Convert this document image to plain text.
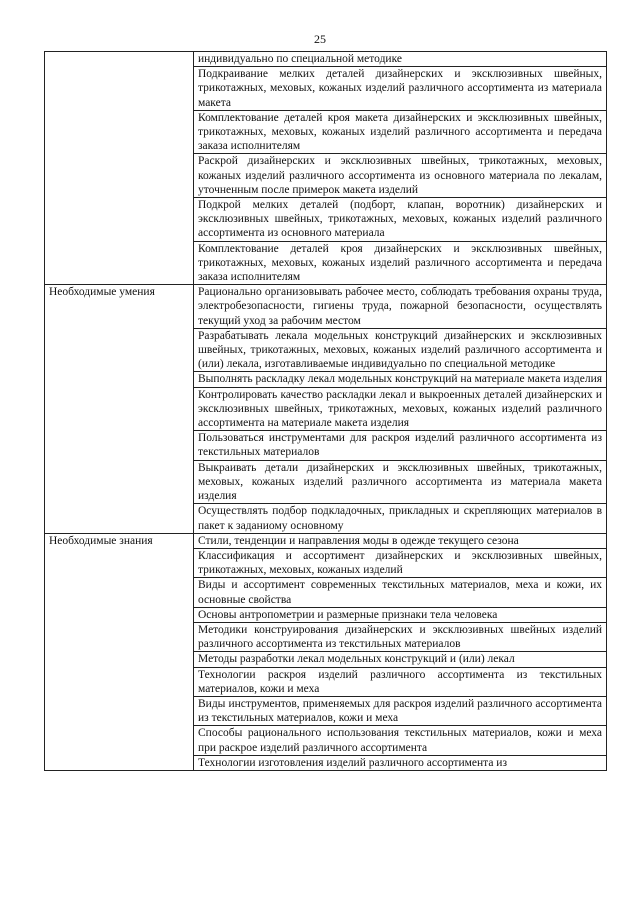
25

	индивидуально по специальной методике

	Подкраивание мелких деталей дизайнерских и эксклюзивных швейных, трикотажных, меховых, кожаных изделий различного ассортимента из материала макета

	Комплектование деталей кроя макета дизайнерских и эксклюзивных швейных, трикотажных, меховых, кожаных изделий различного ассортимента и передача заказа исполнителям

	Раскрой дизайнерских и эксклюзивных швейных, трикотажных, меховых, кожаных изделий различного ассортимента из основного материала по лекалам, уточненным после примерок макета изделий

	Подкрой мелких деталей (подборт, клапан, воротник) дизайнерских и эксклюзивных швейных, трикотажных, меховых, кожаных изделий различного ассортимента из основного материала

	Комплектование деталей кроя дизайнерских и эксклюзивных швейных, трикотажных, меховых, кожаных изделий различного ассортимента и передача заказа исполнителям

Необходимые умения	Рационально организовывать рабочее место, соблюдать требования охраны труда, электробезопасности, гигиены труда, пожарной безопасности, осуществлять текущий уход за рабочим местом

	Разрабатывать лекала модельных конструкций дизайнерских и эксклюзивных швейных, трикотажных, меховых, кожаных изделий различного ассортимента и (или) лекала, изготавливаемые индивидуально по специальной методике

	Выполнять раскладку лекал модельных конструкций на материале макета изделия

	Контролировать качество раскладки лекал и выкроенных деталей дизайнерских и эксклюзивных швейных, трикотажных, меховых, кожаных изделий различного ассортимента на материале макета изделия

	Пользоваться инструментами для раскроя изделий различного ассортимента из текстильных материалов

	Выкраивать детали дизайнерских и эксклюзивных швейных, трикотажных, меховых, кожаных изделий различного ассортимента из материала макета изделия

	Осуществлять подбор подкладочных, прикладных и скрепляющих материалов в пакет к заданиому основному

Необходимые знания	Стили, тенденции и направления моды в одежде текущего сезона

	Классификация и ассортимент дизайнерских и эксклюзивных швейных, трикотажных, меховых, кожаных изделий

	Виды и ассортимент современных текстильных материалов, меха и кожи, их основные свойства

	Основы антропометрии и размерные признаки тела человека

	Методики конструирования дизайнерских и эксклюзивных швейных изделий различного ассортимента из текстильных материалов

	Методы разработки лекал модельных конструкций и (или) лекал

	Технологии раскроя изделий различного ассортимента из текстильных материалов, кожи и меха

	Виды инструментов, применяемых для раскроя изделий различного ассортимента из текстильных материалов, кожи и меха

	Способы рационального использования текстильных материалов, кожи и меха при раскрое изделий различного ассортимента

	Технологии изготовления изделий различного ассортимента из
